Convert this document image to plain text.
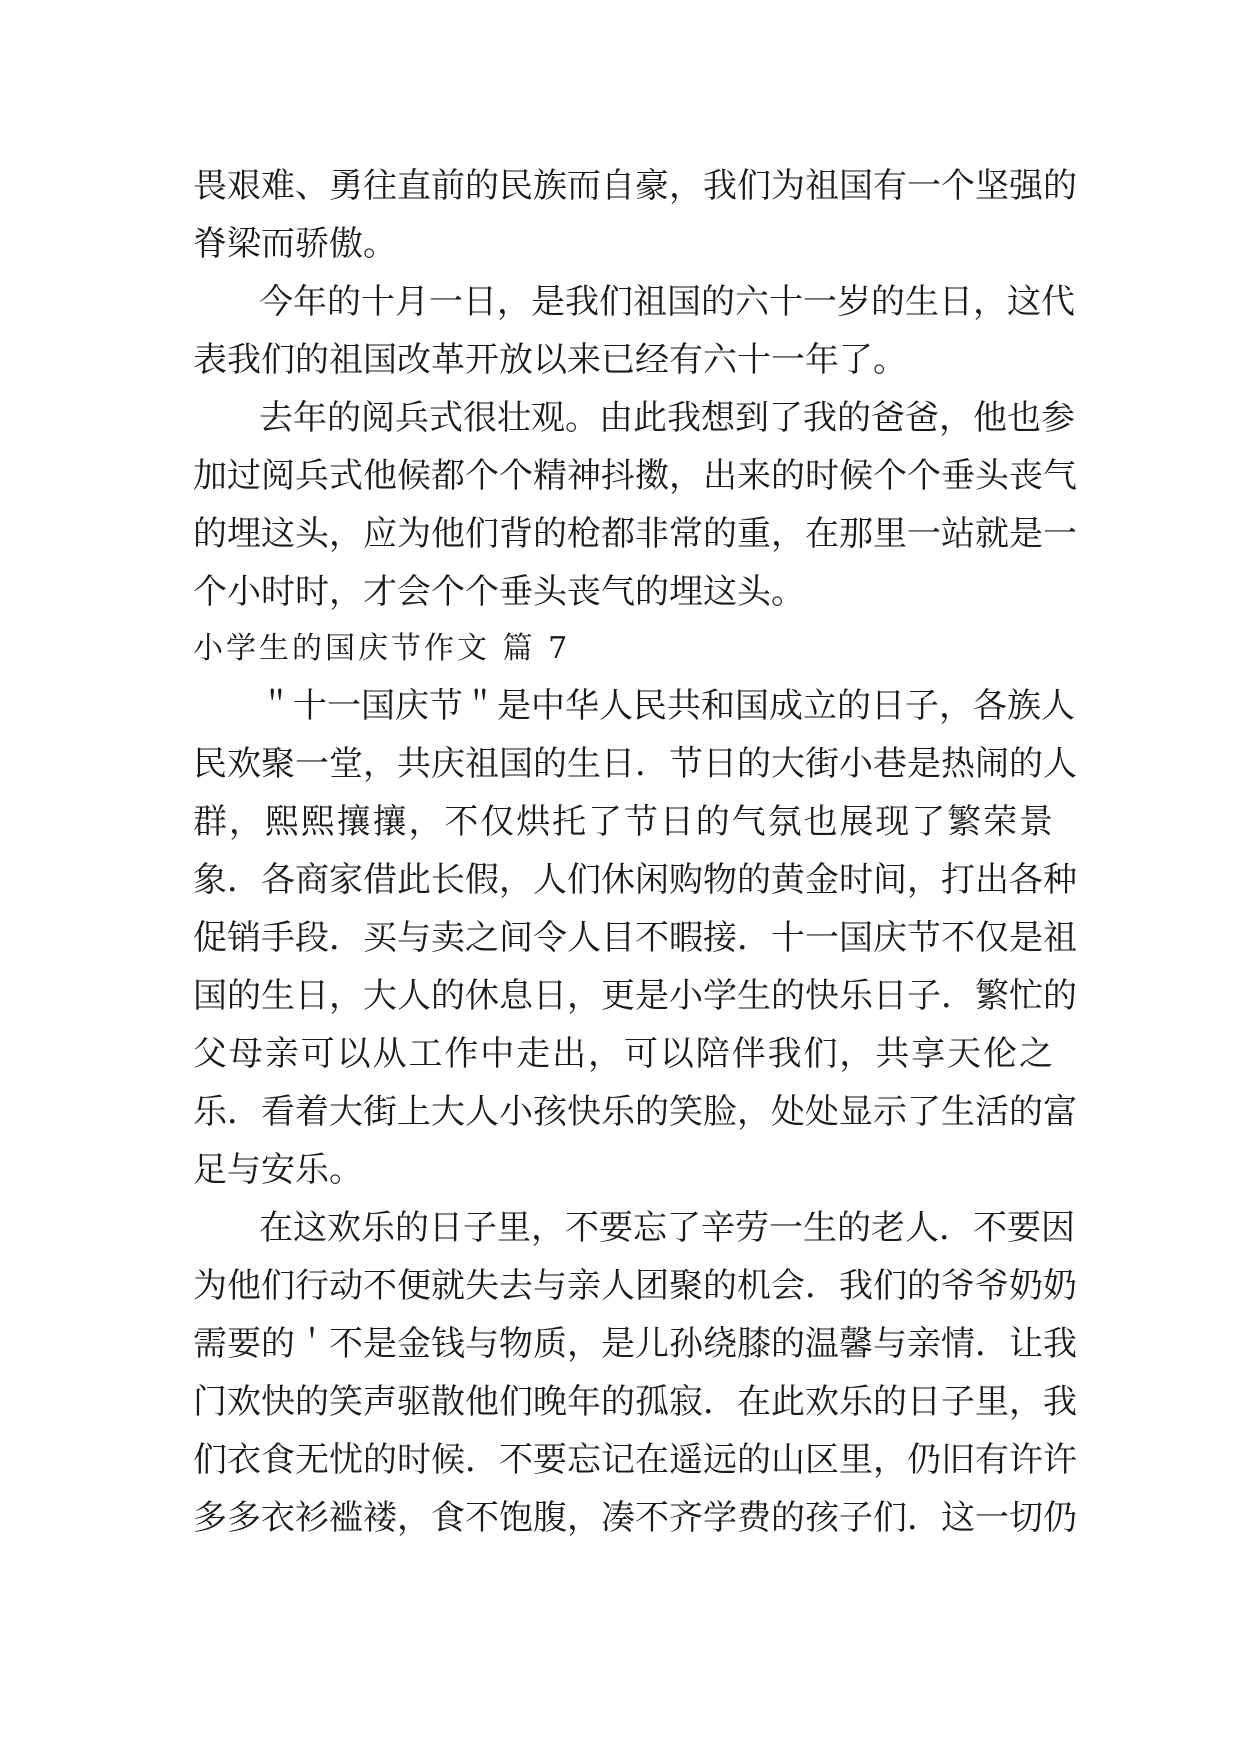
畏艰难、勇往直前的民族而自豪，我们为祖国有一个坚强的
脊梁而骄傲。
今年的十月一日，是我们祖国的六十一岁的生日，这代
表我们的祖国改革开放以来已经有六十一年了。
去年的阅兵式很壮观。由此我想到了我的爸爸，他也参
加过阅兵式他候都个个精神抖擞，出来的时候个个垂头丧气
的埋这头，应为他们背的枪都非常的重，在那里一站就是一
个小时时，才会个个垂头丧气的埋这头。
小学生的国庆节作文 篇 7
＂十一国庆节＂是中华人民共和国成立的日子，各族人
民欢聚一堂，共庆祖国的生日．节日的大街小巷是热闹的人
群，熙熙攘攘，不仅烘托了节日的气氛也展现了繁荣景
象．各商家借此长假，人们休闲购物的黄金时间，打出各种
促销手段．买与卖之间令人目不暇接．十一国庆节不仅是祖
国的生日，大人的休息日，更是小学生的快乐日子．繁忙的
父母亲可以从工作中走出，可以陪伴我们，共享天伦之
乐．看着大街上大人小孩快乐的笑脸，处处显示了生活的富
足与安乐。
在这欢乐的日子里，不要忘了辛劳一生的老人．不要因
为他们行动不便就失去与亲人团聚的机会．我们的爷爷奶奶
需要的＇不是金钱与物质，是儿孙绕膝的温馨与亲情．让我
门欢快的笑声驱散他们晚年的孤寂．在此欢乐的日子里，我
们衣食无忧的时候．不要忘记在遥远的山区里，仍旧有许许
多多衣衫褴褛，食不饱腹，凑不齐学费的孩子们．这一切仍
